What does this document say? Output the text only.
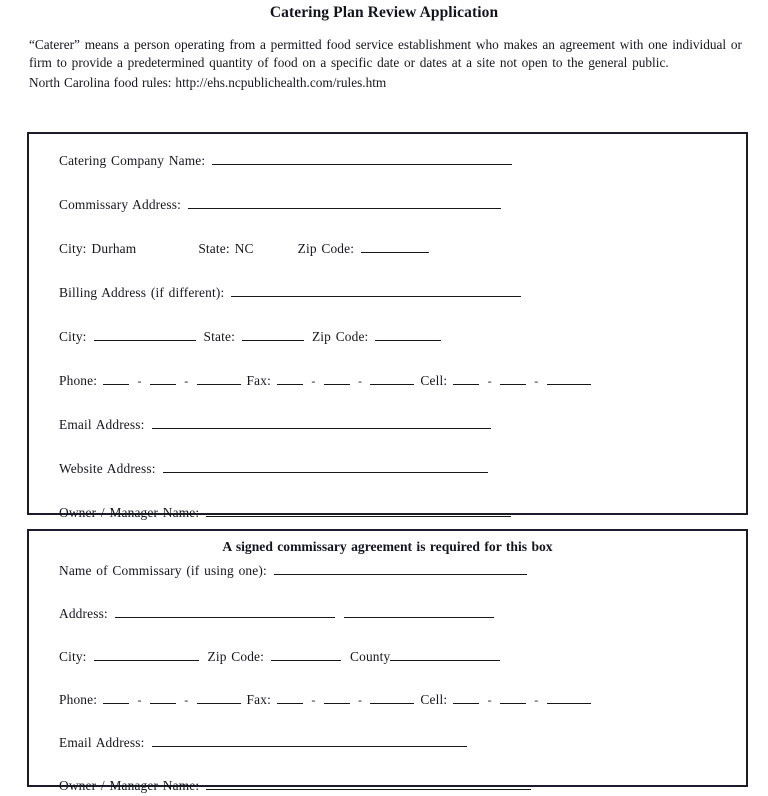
Catering Plan Review Application

“Caterer” means a person operating from a permitted food service establishment who makes an agreement with one individual or firm to provide a predetermined quantity of food on a specific date or dates at a site not open to the general public.
North Carolina food rules: http://ehs.ncpublichealth.com/rules.htm

Catering Company Name:
Commissary Address:
City: Durham	State: NC	Zip Code:
Billing Address (if different):
City:	State:	Zip Code:
Phone:	-	-	Fax:	-	-	Cell:	-	-
Email Address:
Website Address:
Owner / Manager Name:
A signed commissary agreement is required for this box
Name of Commissary (if using one):
Address:
City:	Zip Code:	County
Phone:	-	-	Fax:	-	-	Cell:	-	-
Email Address:
Owner / Manager Name:
